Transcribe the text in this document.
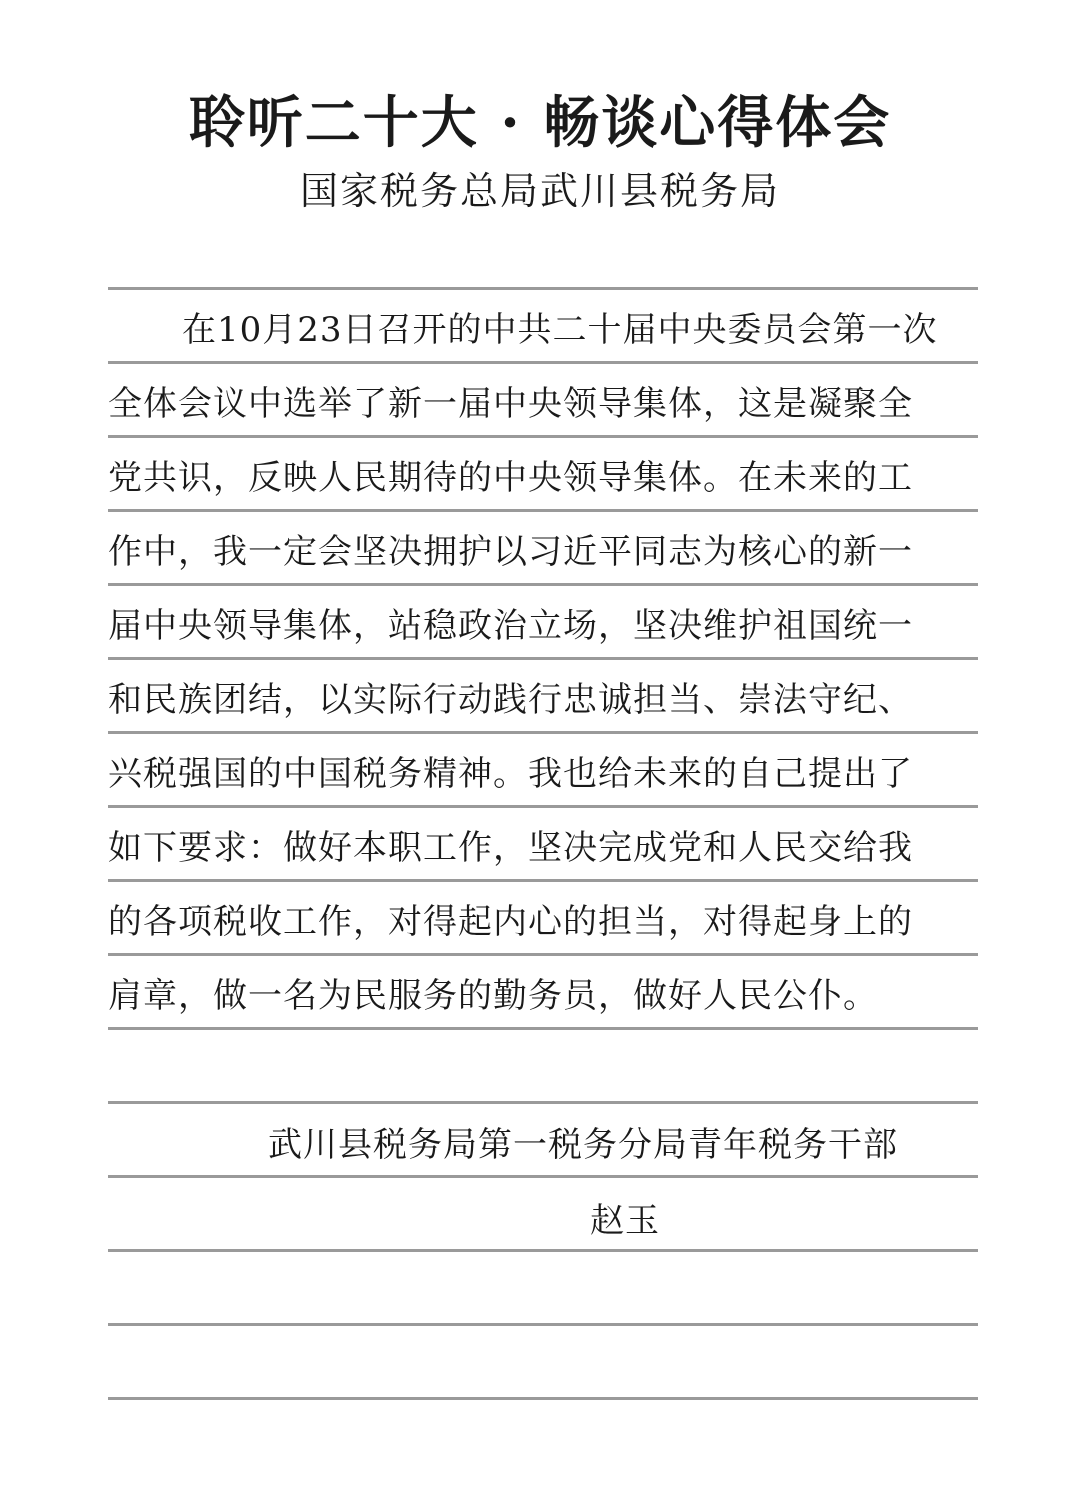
聆听二十大 · 畅谈心得体会
国家税务总局武川县税务局
在10月23日召开的中共二十届中央委员会第一次
全体会议中选举了新一届中央领导集体，这是凝聚全
党共识，反映人民期待的中央领导集体。在未来的工
作中，我一定会坚决拥护以习近平同志为核心的新一
届中央领导集体，站稳政治立场，坚决维护祖国统一
和民族团结，以实际行动践行忠诚担当、崇法守纪、
兴税强国的中国税务精神。我也给未来的自己提出了
如下要求：做好本职工作，坚决完成党和人民交给我
的各项税收工作，对得起内心的担当，对得起身上的
肩章，做一名为民服务的勤务员，做好人民公仆。
武川县税务局第一税务分局青年税务干部
赵玉
